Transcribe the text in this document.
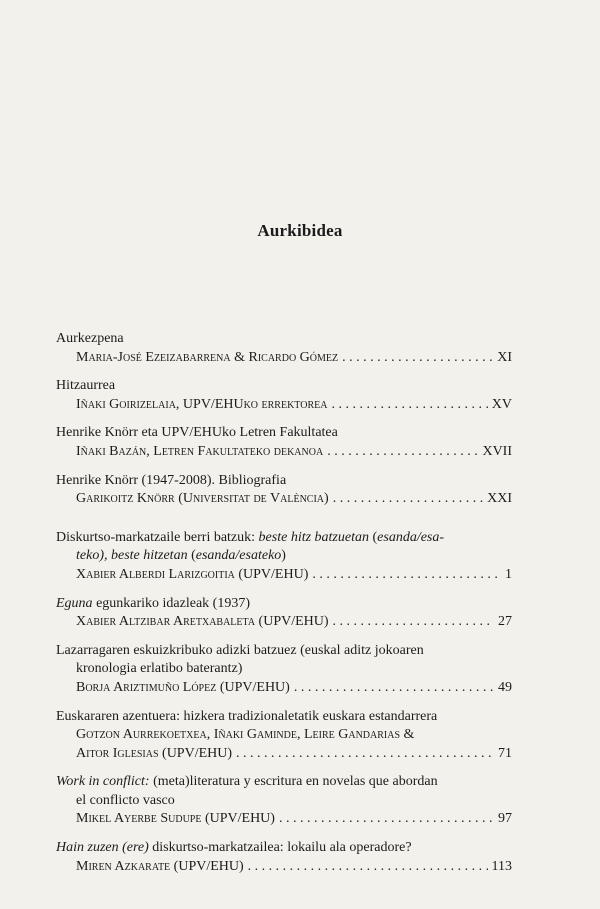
Aurkibidea
Aurkezpena
Maria-José Ezeizabarrena & Ricardo Gómez . . .	XI
Hitzaurrea
Iñaki Goirizelaia, UPV/EHUko errektorea . . .	XV
Henrike Knörr eta UPV/EHUko Letren Fakultatea
Iñaki Bazán, Letren Fakultateko dekanoa . . .	XVII
Henrike Knörr (1947-2008). Bibliografia
Garikoitz Knörr (Universitat de València) . . .	XXI
Diskurtso-markatzaile berri batzuk: beste hitz batzuetan (esanda/esa-
teko), beste hitzetan (esanda/esateko)
Xabier Alberdi Larizgoitia (UPV/EHU) . . .	1
Eguna egunkariko idazleak (1937)
Xabier Altzibar Aretxabaleta (UPV/EHU) . . .	27
Lazarragaren eskuizkribuko adizki batzuez (euskal aditz jokoaren
kronologia erlatibo baterantz)
Borja Ariztimuño López (UPV/EHU) . . .	49
Euskararen azentuera: hizkera tradizionaletatik euskara estandarrera
Gotzon Aurrekoetxea, Iñaki Gaminde, Leire Gandarias &
Aitor Iglesias (UPV/EHU) . . .	71
Work in conflict: (meta)literatura y escritura en novelas que abordan
el conflicto vasco
Mikel Ayerbe Sudupe (UPV/EHU) . . .	97
Hain zuzen (ere) diskurtso-markatzailea: lokailu ala operadore?
Miren Azkarate (UPV/EHU) . . .	113
